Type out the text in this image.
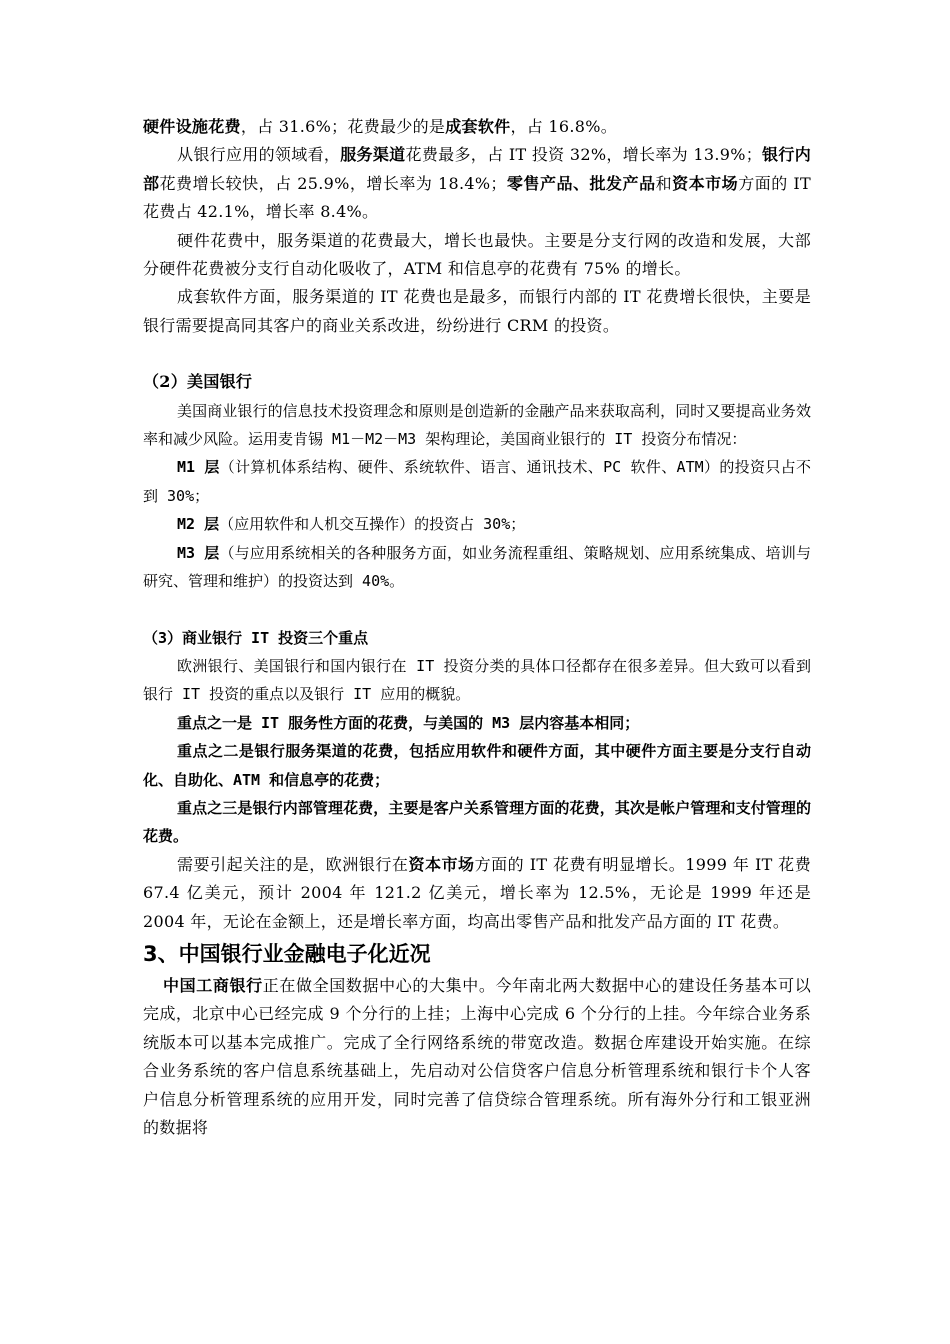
硬件设施花费，占 31.6%；花费最少的是成套软件，占 16.8%。

从银行应用的领域看，服务渠道花费最多，占 IT 投资 32%，增长率为 13.9%；银行内部花费增长较快，占 25.9%，增长率为 18.4%；零售产品、批发产品和资本市场方面的 IT 花费占 42.1%，增长率 8.4%。

硬件花费中，服务渠道的花费最大，增长也最快。主要是分支行网的改造和发展，大部分硬件花费被分支行自动化吸收了，ATM 和信息亭的花费有 75% 的增长。

成套软件方面，服务渠道的 IT 花费也是最多，而银行内部的 IT 花费增长很快，主要是银行需要提高同其客户的商业关系改进，纷纷进行 CRM 的投资。

（2）美国银行

美国商业银行的信息技术投资理念和原则是创造新的金融产品来获取高利，同时又要提高业务效率和减少风险。运用麦肯锡 M1－M2－M3 架构理论，美国商业银行的 IT 投资分布情况：

M1 层（计算机体系结构、硬件、系统软件、语言、通讯技术、PC 软件、ATM）的投资只占不到 30%；

M2 层（应用软件和人机交互操作）的投资占 30%；

M3 层（与应用系统相关的各种服务方面，如业务流程重组、策略规划、应用系统集成、培训与研究、管理和维护）的投资达到 40%。

（3）商业银行 IT 投资三个重点

欧洲银行、美国银行和国内银行在 IT 投资分类的具体口径都存在很多差异。但大致可以看到银行 IT 投资的重点以及银行 IT 应用的概貌。

重点之一是 IT 服务性方面的花费，与美国的 M3 层内容基本相同；

重点之二是银行服务渠道的花费，包括应用软件和硬件方面，其中硬件方面主要是分支行自动化、自助化、ATM 和信息亭的花费；

重点之三是银行内部管理花费，主要是客户关系管理方面的花费，其次是帐户管理和支付管理的花费。

需要引起关注的是，欧洲银行在资本市场方面的 IT 花费有明显增长。1999 年 IT 花费 67.4 亿美元，预计 2004 年 121.2 亿美元，增长率为 12.5%，无论是 1999 年还是 2004 年，无论在金额上，还是增长率方面，均高出零售产品和批发产品方面的 IT 花费。

3、中国银行业金融电子化近况

中国工商银行正在做全国数据中心的大集中。今年南北两大数据中心的建设任务基本可以完成，北京中心已经完成 9 个分行的上挂；上海中心完成 6 个分行的上挂。今年综合业务系统版本可以基本完成推广。完成了全行网络系统的带宽改造。数据仓库建设开始实施。在综合业务系统的客户信息系统基础上，先启动对公信贷客户信息分析管理系统和银行卡个人客户信息分析管理系统的应用开发，同时完善了信贷综合管理系统。所有海外分行和工银亚洲的数据将
